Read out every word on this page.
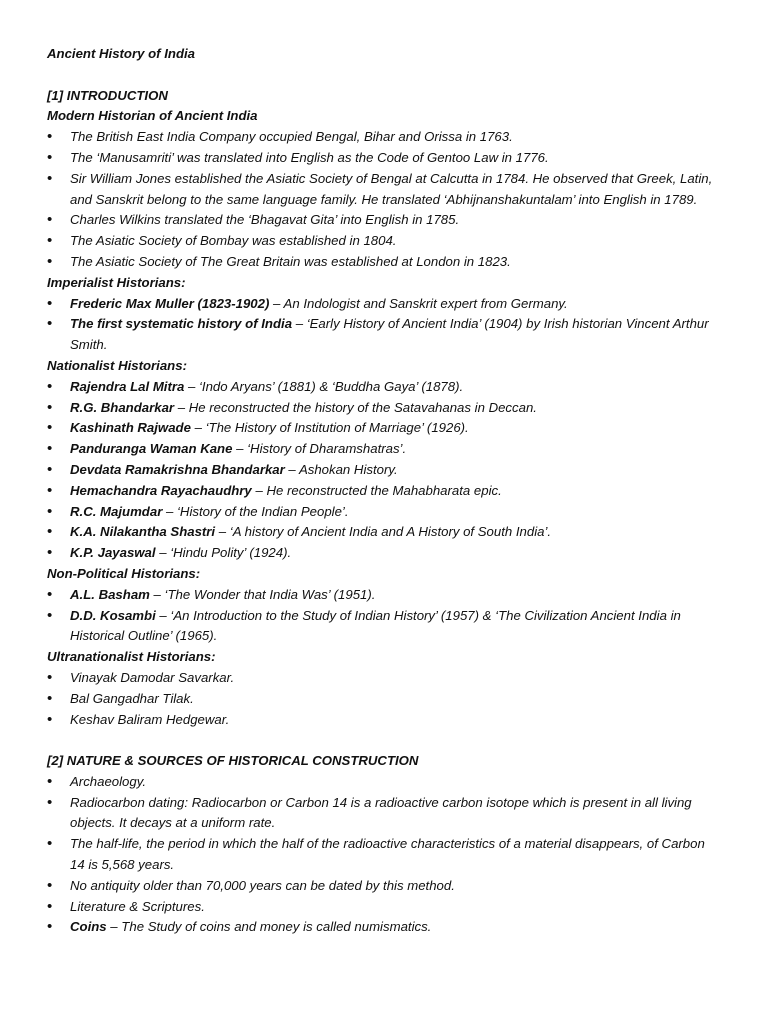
Ancient History of India
[1] INTRODUCTION
Modern Historian of Ancient India
• The British East India Company occupied Bengal, Bihar and Orissa in 1763.
• The ‘Manusamriti’ was translated into English as the Code of Gentoo Law in 1776.
• Sir William Jones established the Asiatic Society of Bengal at Calcutta in 1784. He observed that Greek, Latin, and Sanskrit belong to the same language family. He translated ‘Abhijnanshakuntalam’ into English in 1789.
• Charles Wilkins translated the ‘Bhagavat Gita’ into English in 1785.
• The Asiatic Society of Bombay was established in 1804.
• The Asiatic Society of The Great Britain was established at London in 1823.
Imperialist Historians:
• Frederic Max Muller (1823-1902) – An Indologist and Sanskrit expert from Germany.
• The first systematic history of India – ‘Early History of Ancient India’ (1904) by Irish historian Vincent Arthur Smith.
Nationalist Historians:
• Rajendra Lal Mitra – ‘Indo Aryans’ (1881) & ‘Buddha Gaya’ (1878).
• R.G. Bhandarkar – He reconstructed the history of the Satavahanas in Deccan.
• Kashinath Rajwade – ‘The History of Institution of Marriage’ (1926).
• Panduranga Waman Kane – ‘History of Dharamshatras’.
• Devdata Ramakrishna Bhandarkar – Ashokan History.
• Hemachandra Rayachaudhry – He reconstructed the Mahabharata epic.
• R.C. Majumdar – ‘History of the Indian People’.
• K.A. Nilakantha Shastri – ‘A history of Ancient India and A History of South India’.
• K.P. Jayaswal – ‘Hindu Polity’ (1924).
Non-Political Historians:
• A.L. Basham – ‘The Wonder that India Was’ (1951).
• D.D. Kosambi – ‘An Introduction to the Study of Indian History’ (1957) & ‘The Civilization Ancient India in Historical Outline’ (1965).
Ultranationalist Historians:
• Vinayak Damodar Savarkar.
• Bal Gangadhar Tilak.
• Keshav Baliram Hedgewar.
[2] NATURE & SOURCES OF HISTORICAL CONSTRUCTION
• Archaeology.
• Radiocarbon dating: Radiocarbon or Carbon 14 is a radioactive carbon isotope which is present in all living objects. It decays at a uniform rate.
• The half-life, the period in which the half of the radioactive characteristics of a material disappears, of Carbon 14 is 5,568 years.
• No antiquity older than 70,000 years can be dated by this method.
• Literature & Scriptures.
• Coins – The Study of coins and money is called numismatics.
